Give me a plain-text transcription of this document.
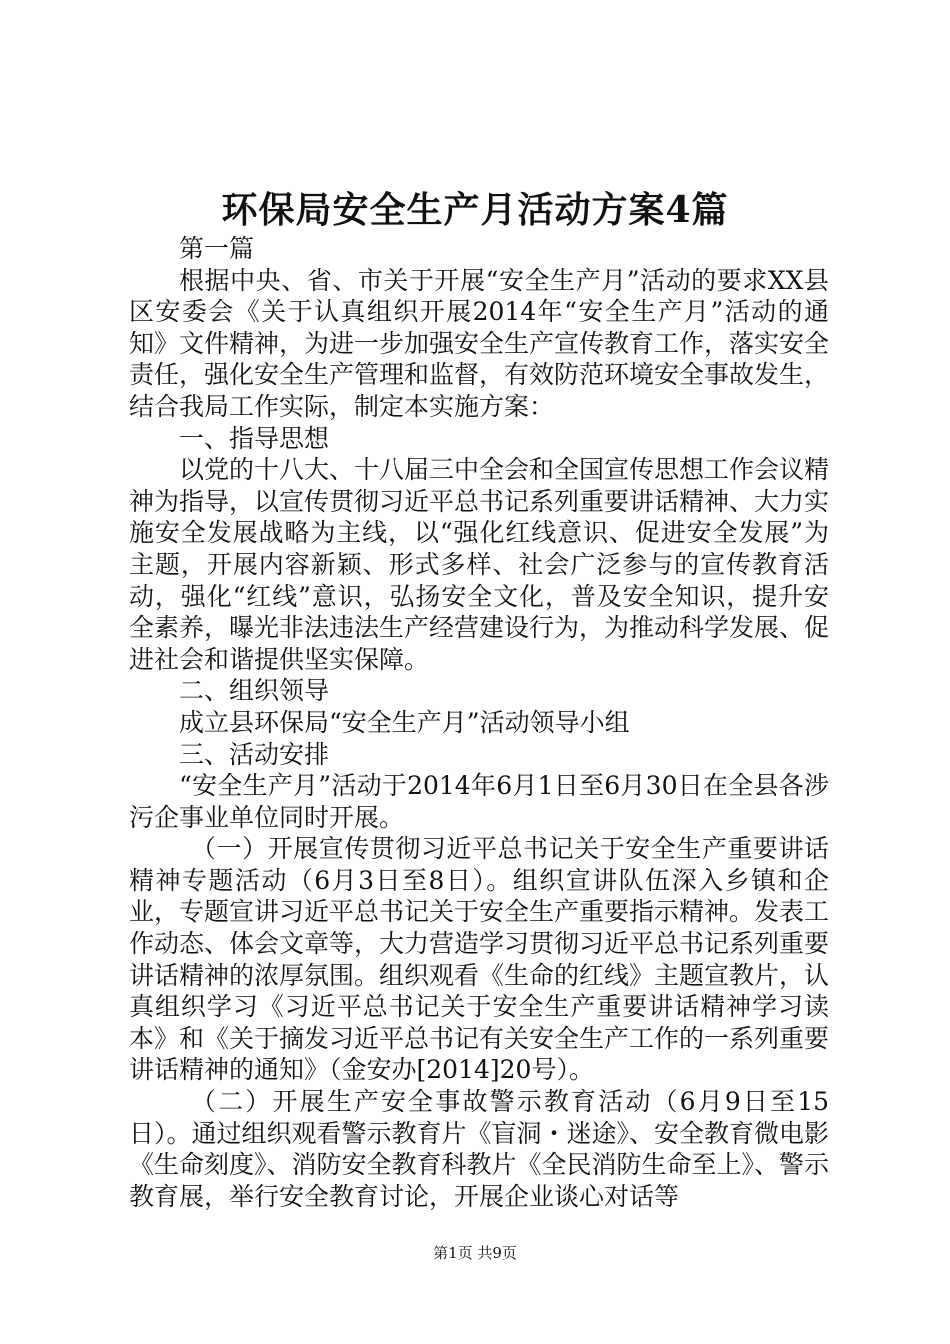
环保局安全生产月活动方案4篇

第一篇

根据中央、省、市关于开展“安全生产月”活动的要求XX县区安委会《关于认真组织开展2014年“安全生产月”活动的通知》文件精神，为进一步加强安全生产宣传教育工作，落实安全责任，强化安全生产管理和监督，有效防范环境安全事故发生，结合我局工作实际，制定本实施方案：

一、指导思想

以党的十八大、十八届三中全会和全国宣传思想工作会议精神为指导，以宣传贯彻习近平总书记系列重要讲话精神、大力实施安全发展战略为主线，以“强化红线意识、促进安全发展”为主题，开展内容新颖、形式多样、社会广泛参与的宣传教育活动，强化“红线”意识，弘扬安全文化，普及安全知识，提升安全素养，曝光非法违法生产经营建设行为，为推动科学发展、促进社会和谐提供坚实保障。

二、组织领导

成立县环保局“安全生产月”活动领导小组

三、活动安排

“安全生产月”活动于2014年6月1日至6月30日在全县各涉污企事业单位同时开展。

（一）开展宣传贯彻习近平总书记关于安全生产重要讲话精神专题活动（6月3日至8日）。组织宣讲队伍深入乡镇和企业，专题宣讲习近平总书记关于安全生产重要指示精神。发表工作动态、体会文章等，大力营造学习贯彻习近平总书记系列重要讲话精神的浓厚氛围。组织观看《生命的红线》主题宣教片，认真组织学习《习近平总书记关于安全生产重要讲话精神学习读本》和《关于摘发习近平总书记有关安全生产工作的一系列重要讲话精神的通知》（金安办[2014]20号）。

（二）开展生产安全事故警示教育活动（6月9日至15日）。通过组织观看警示教育片《盲洞・迷途》、安全教育微电影《生命刻度》、消防安全教育科教片《全民消防生命至上》、警示教育展，举行安全教育讨论，开展企业谈心对话等

第1页 共9页
